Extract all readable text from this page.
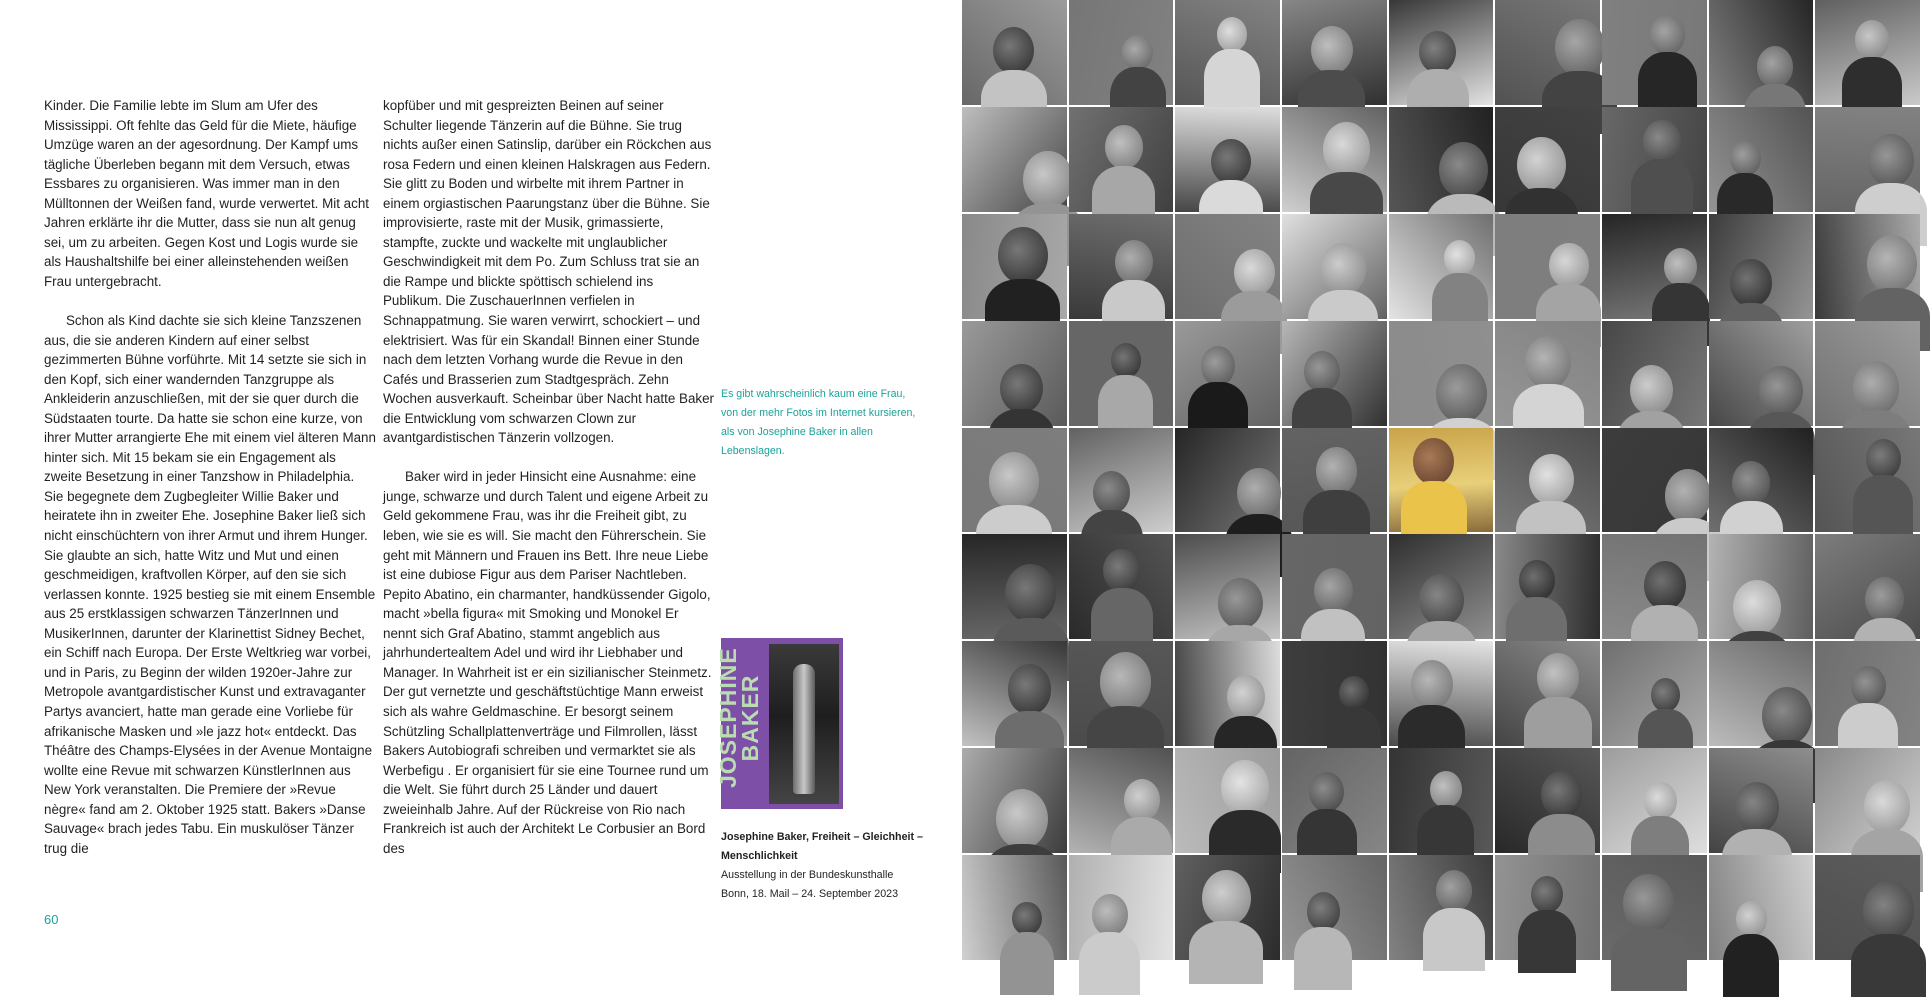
Kinder. Die Familie lebte im Slum am Ufer des Mississippi. Oft fehlte das Geld für die Miete, häufige Umzüge waren an der agesordnung. Der Kampf ums tägliche Überleben begann mit dem Versuch, etwas Essbares zu organisieren. Was immer man in den Mülltonnen der Weißen fand, wurde verwertet. Mit acht Jahren erklärte ihr die Mutter, dass sie nun alt genug sei, um zu arbeiten. Gegen Kost und Logis wurde sie als Haushaltshilfe bei einer alleinstehenden weißen Frau untergebracht.

Schon als Kind dachte sie sich kleine Tanzszenen aus, die sie anderen Kindern auf einer selbst gezimmerten Bühne vorführte. Mit 14 setzte sie sich in den Kopf, sich einer wandernden Tanzgruppe als Ankleiderin anzuschließen, mit der sie quer durch die Südstaaten tourte. Da hatte sie schon eine kurze, von ihrer Mutter arrangierte Ehe mit einem viel älteren Mann hinter sich. Mit 15 bekam sie ein Engagement als zweite Besetzung in einer Tanzshow in Philadelphia. Sie begegnete dem Zugbegleiter Willie Baker und heiratete ihn in zweiter Ehe. Josephine Baker ließ sich nicht einschüchtern von ihrer Armut und ihrem Hunger. Sie glaubte an sich, hatte Witz und Mut und einen geschmeidigen, kraftvollen Körper, auf den sie sich verlassen konnte. 1925 bestieg sie mit einem Ensemble aus 25 erstklassigen schwarzen TänzerInnen und MusikerInnen, darunter der Klarinettist Sidney Bechet, ein Schiff nach Europa. Der Erste Weltkrieg war vorbei, und in Paris, zu Beginn der wilden 1920er-Jahre zur Metropole avantgardistischer Kunst und extravaganter Partys avanciert, hatte man gerade eine Vorliebe für afrikanische Masken und »le jazz hot« entdeckt. Das Théâtre des Champs-Elysées in der Avenue Montaigne wollte eine Revue mit schwarzen KünstlerInnen aus New York veranstalten. Die Premiere der »Revue nègre« fand am 2. Oktober 1925 statt. Bakers »Danse Sauvage« brach jedes Tabu. Ein muskulöser Tänzer trug die

kopfüber und mit gespreizten Beinen auf seiner Schulter liegende Tänzerin auf die Bühne. Sie trug nichts außer einen Satinslip, darüber ein Röckchen aus rosa Federn und einen kleinen Halskragen aus Federn. Sie glitt zu Boden und wirbelte mit ihrem Partner in einem orgiastischen Paarungstanz über die Bühne. Sie improvisierte, raste mit der Musik, grimassierte, stampfte, zuckte und wackelte mit unglaublicher Geschwindigkeit mit dem Po. Zum Schluss trat sie an die Rampe und blickte spöttisch schielend ins Publikum. Die ZuschauerInnen verfielen in Schnappatmung. Sie waren verwirrt, schockiert – und elektrisiert. Was für ein Skandal! Binnen einer Stunde nach dem letzten Vorhang wurde die Revue in den Cafés und Brasserien zum Stadtgespräch. Zehn Wochen ausverkauft. Scheinbar über Nacht hatte Baker die Entwicklung vom schwarzen Clown zur avantgardistischen Tänzerin vollzogen.

Baker wird in jeder Hinsicht eine Ausnahme: eine junge, schwarze und durch Talent und eigene Arbeit zu Geld gekommene Frau, was ihr die Freiheit gibt, zu leben, wie sie es will. Sie macht den Führerschein. Sie geht mit Männern und Frauen ins Bett. Ihre neue Liebe ist eine dubiose Figur aus dem Pariser Nachtleben. Pepito Abatino, ein charmanter, handküssender Gigolo, macht »bella figura« mit Smoking und Monokel Er nennt sich Graf Abatino, stammt angeblich aus jahrhundertealtem Adel und wird ihr Liebhaber und Manager. In Wahrheit ist er ein sizilianischer Steinmetz. Der gut vernetzte und geschäftstüchtige Mann erweist sich als wahre Geldmaschine. Er besorgt seinem Schützling Schallplattenverträge und Filmrollen, lässt Bakers Autobiografi schreiben und vermarktet sie als Werbefigu . Er organisiert für sie eine Tournee rund um die Welt. Sie führt durch 25 Länder und dauert zweieinhalb Jahre. Auf der Rückreise von Rio nach Frankreich ist auch der Architekt Le Corbusier an Bord des

Es gibt wahrscheinlich kaum eine Frau, von der mehr Fotos im Internet kursieren, als von Josephine Baker in allen Lebenslagen.
JOSEPHINE BAKER
Josephine Baker, Freiheit – Gleichheit – Menschlichkeit
Ausstellung in der Bundeskunsthalle
Bonn, 18. Mail – 24. September 2023
60
